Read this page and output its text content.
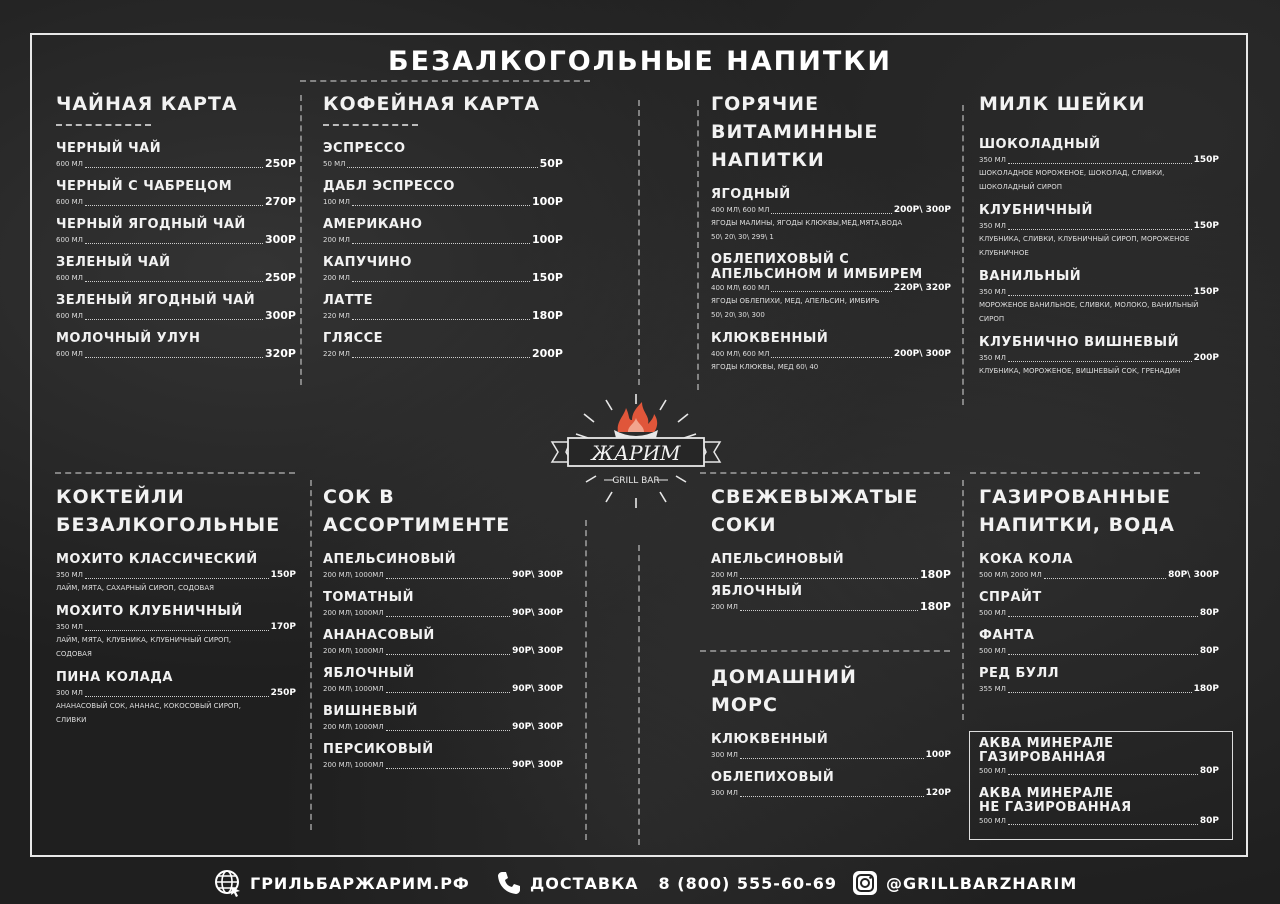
БЕЗАЛКОГОЛЬНЫЕ НАПИТКИ
ЧАЙНАЯ КАРТА
ЧЕРНЫЙ ЧАЙ
600 МЛ	250Р
ЧЕРНЫЙ С ЧАБРЕЦОМ
600 МЛ	270Р
ЧЕРНЫЙ ЯГОДНЫЙ ЧАЙ
600 МЛ	300Р
ЗЕЛЕНЫЙ ЧАЙ
600 МЛ	250Р
ЗЕЛЕНЫЙ ЯГОДНЫЙ ЧАЙ
600 МЛ	300Р
МОЛОЧНЫЙ УЛУН
600 МЛ	320Р
КОФЕЙНАЯ КАРТА
ЭСПРЕССО
50 МЛ	50Р
ДАБЛ ЭСПРЕССО
100 МЛ	100Р
АМЕРИКАНО
200 МЛ	100Р
КАПУЧИНО
200 МЛ	150Р
ЛАТТЕ
220 МЛ	180Р
ГЛЯССЕ
220 МЛ	200Р
ГОРЯЧИЕ
ВИТАМИННЫЕ
НАПИТКИ
ЯГОДНЫЙ
400 МЛ\ 600 МЛ	200Р\ 300Р
ЯГОДЫ МАЛИНЫ, ЯГОДЫ КЛЮКВЫ,МЕД,МЯТА,ВОДА
50\ 20\ 30\ 299\ 1
ОБЛЕПИХОВЫЙ С АПЕЛЬСИНОМ И ИМБИРЕМ
400 МЛ\ 600 МЛ	220Р\ 320Р
ЯГОДЫ ОБЛЕПИХИ, МЕД, АПЕЛЬСИН, ИМБИРЬ
50\ 20\ 30\ 300
КЛЮКВЕННЫЙ
400 МЛ\ 600 МЛ	200Р\ 300Р
ЯГОДЫ КЛЮКВЫ, МЕД 60\ 40
МИЛК ШЕЙКИ
ШОКОЛАДНЫЙ
350 МЛ	150Р
ШОКОЛАДНОЕ МОРОЖЕНОЕ, ШОКОЛАД, СЛИВКИ, ШОКОЛАДНЫЙ СИРОП
КЛУБНИЧНЫЙ
350 МЛ	150Р
КЛУБНИКА, СЛИВКИ, КЛУБНИЧНЫЙ СИРОП, МОРОЖЕНОЕ КЛУБНИЧНОЕ
ВАНИЛЬНЫЙ
350 МЛ	150Р
МОРОЖЕНОЕ ВАНИЛЬНОЕ, СЛИВКИ, МОЛОКО, ВАНИЛЬНЫЙ СИРОП
КЛУБНИЧНО ВИШНЕВЫЙ
350 МЛ	200Р
КЛУБНИКА, МОРОЖЕНОЕ, ВИШНЕВЫЙ СОК, ГРЕНАДИН
ЖАРИМ
GRILL BAR
КОКТЕЙЛИ
БЕЗАЛКОГОЛЬНЫЕ
МОХИТО КЛАССИЧЕСКИЙ
350 МЛ	150Р
ЛАЙМ, МЯТА, САХАРНЫЙ СИРОП, СОДОВАЯ
МОХИТО КЛУБНИЧНЫЙ
350 МЛ	170Р
ЛАЙМ, МЯТА, КЛУБНИКА, КЛУБНИЧНЫЙ СИРОП, СОДОВАЯ
ПИНА КОЛАДА
300 МЛ	250Р
АНАНАСОВЫЙ СОК, АНАНАС, КОКОСОВЫЙ СИРОП, СЛИВКИ
СОК В
АССОРТИМЕНТЕ
АПЕЛЬСИНОВЫЙ
200 МЛ\ 1000МЛ	90Р\ 300Р
ТОМАТНЫЙ
200 МЛ\ 1000МЛ	90Р\ 300Р
АНАНАСОВЫЙ
200 МЛ\ 1000МЛ	90Р\ 300Р
ЯБЛОЧНЫЙ
200 МЛ\ 1000МЛ	90Р\ 300Р
ВИШНЕВЫЙ
200 МЛ\ 1000МЛ	90Р\ 300Р
ПЕРСИКОВЫЙ
200 МЛ\ 1000МЛ	90Р\ 300Р
СВЕЖЕВЫЖАТЫЕ
СОКИ
АПЕЛЬСИНОВЫЙ
200 МЛ	180Р
ЯБЛОЧНЫЙ
200 МЛ	180Р
ДОМАШНИЙ
МОРС
КЛЮКВЕННЫЙ
300 МЛ	100Р
ОБЛЕПИХОВЫЙ
300 МЛ	120Р
ГАЗИРОВАННЫЕ
НАПИТКИ, ВОДА
КОКА КОЛА
500 МЛ\ 2000 МЛ	80Р\ 300Р
СПРАЙТ
500 МЛ	80Р
ФАНТА
500 МЛ	80Р
РЕД БУЛЛ
355 МЛ	180Р
АКВА МИНЕРАЛЕ
ГАЗИРОВАННАЯ
500 МЛ	80Р
АКВА МИНЕРАЛЕ
НЕ ГАЗИРОВАННАЯ
500 МЛ	80Р
ГРИЛЬБАРЖАРИМ.РФ	ДОСТАВКА 8 (800) 555-60-69	@GRILLBARZHARIM
